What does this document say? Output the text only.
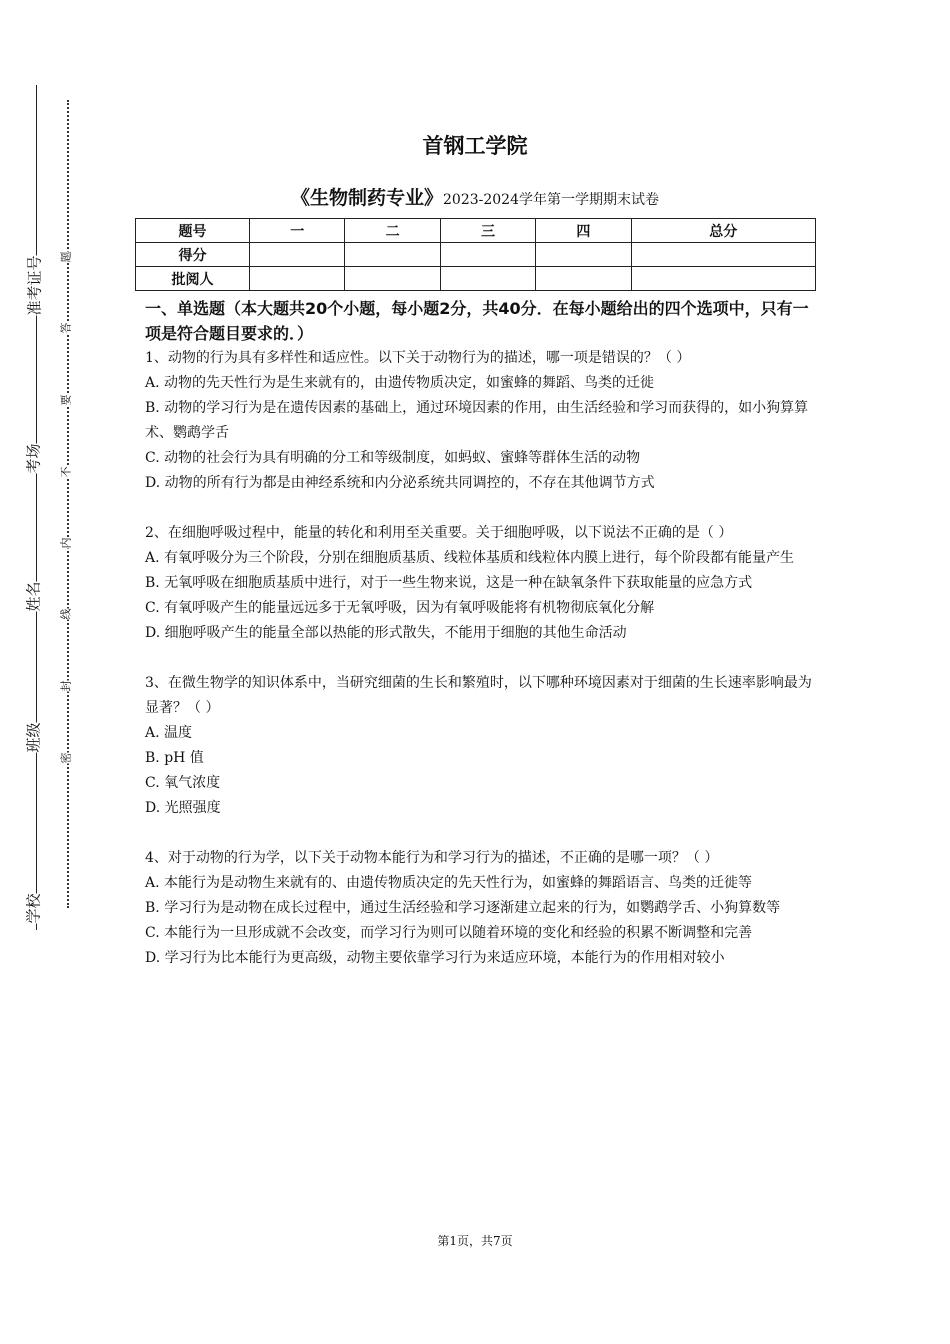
准考证号
考场
姓名
班级
学校
题
答
要
不
内
线
封
密
首钢工学院
《生物制药专业》2023-2024学年第一学期期末试卷
题号	一	二	三	四	总分
得分					
批阅人					

一、单选题（本大题共20个小题，每小题2分，共40分．在每小题给出的四个选项中，只有一项是符合题目要求的．）

1、动物的行为具有多样性和适应性。以下关于动物行为的描述，哪一项是错误的？（ ）

A. 动物的先天性行为是生来就有的，由遗传物质决定，如蜜蜂的舞蹈、鸟类的迁徙

B. 动物的学习行为是在遗传因素的基础上，通过环境因素的作用，由生活经验和学习而获得的，如小狗算算术、鹦鹉学舌

C. 动物的社会行为具有明确的分工和等级制度，如蚂蚁、蜜蜂等群体生活的动物

D. 动物的所有行为都是由神经系统和内分泌系统共同调控的，不存在其他调节方式

2、在细胞呼吸过程中，能量的转化和利用至关重要。关于细胞呼吸，以下说法不正确的是（ ）

A. 有氧呼吸分为三个阶段，分别在细胞质基质、线粒体基质和线粒体内膜上进行，每个阶段都有能量产生

B. 无氧呼吸在细胞质基质中进行，对于一些生物来说，这是一种在缺氧条件下获取能量的应急方式

C. 有氧呼吸产生的能量远远多于无氧呼吸，因为有氧呼吸能将有机物彻底氧化分解

D. 细胞呼吸产生的能量全部以热能的形式散失，不能用于细胞的其他生命活动

3、在微生物学的知识体系中，当研究细菌的生长和繁殖时，以下哪种环境因素对于细菌的生长速率影响最为显著？（ ）

A. 温度

B. pH 值

C. 氧气浓度

D. 光照强度

4、对于动物的行为学，以下关于动物本能行为和学习行为的描述，不正确的是哪一项？（ ）

A. 本能行为是动物生来就有的、由遗传物质决定的先天性行为，如蜜蜂的舞蹈语言、鸟类的迁徙等

B. 学习行为是动物在成长过程中，通过生活经验和学习逐渐建立起来的行为，如鹦鹉学舌、小狗算数等

C. 本能行为一旦形成就不会改变，而学习行为则可以随着环境的变化和经验的积累不断调整和完善

D. 学习行为比本能行为更高级，动物主要依靠学习行为来适应环境，本能行为的作用相对较小

第1页，共7页
